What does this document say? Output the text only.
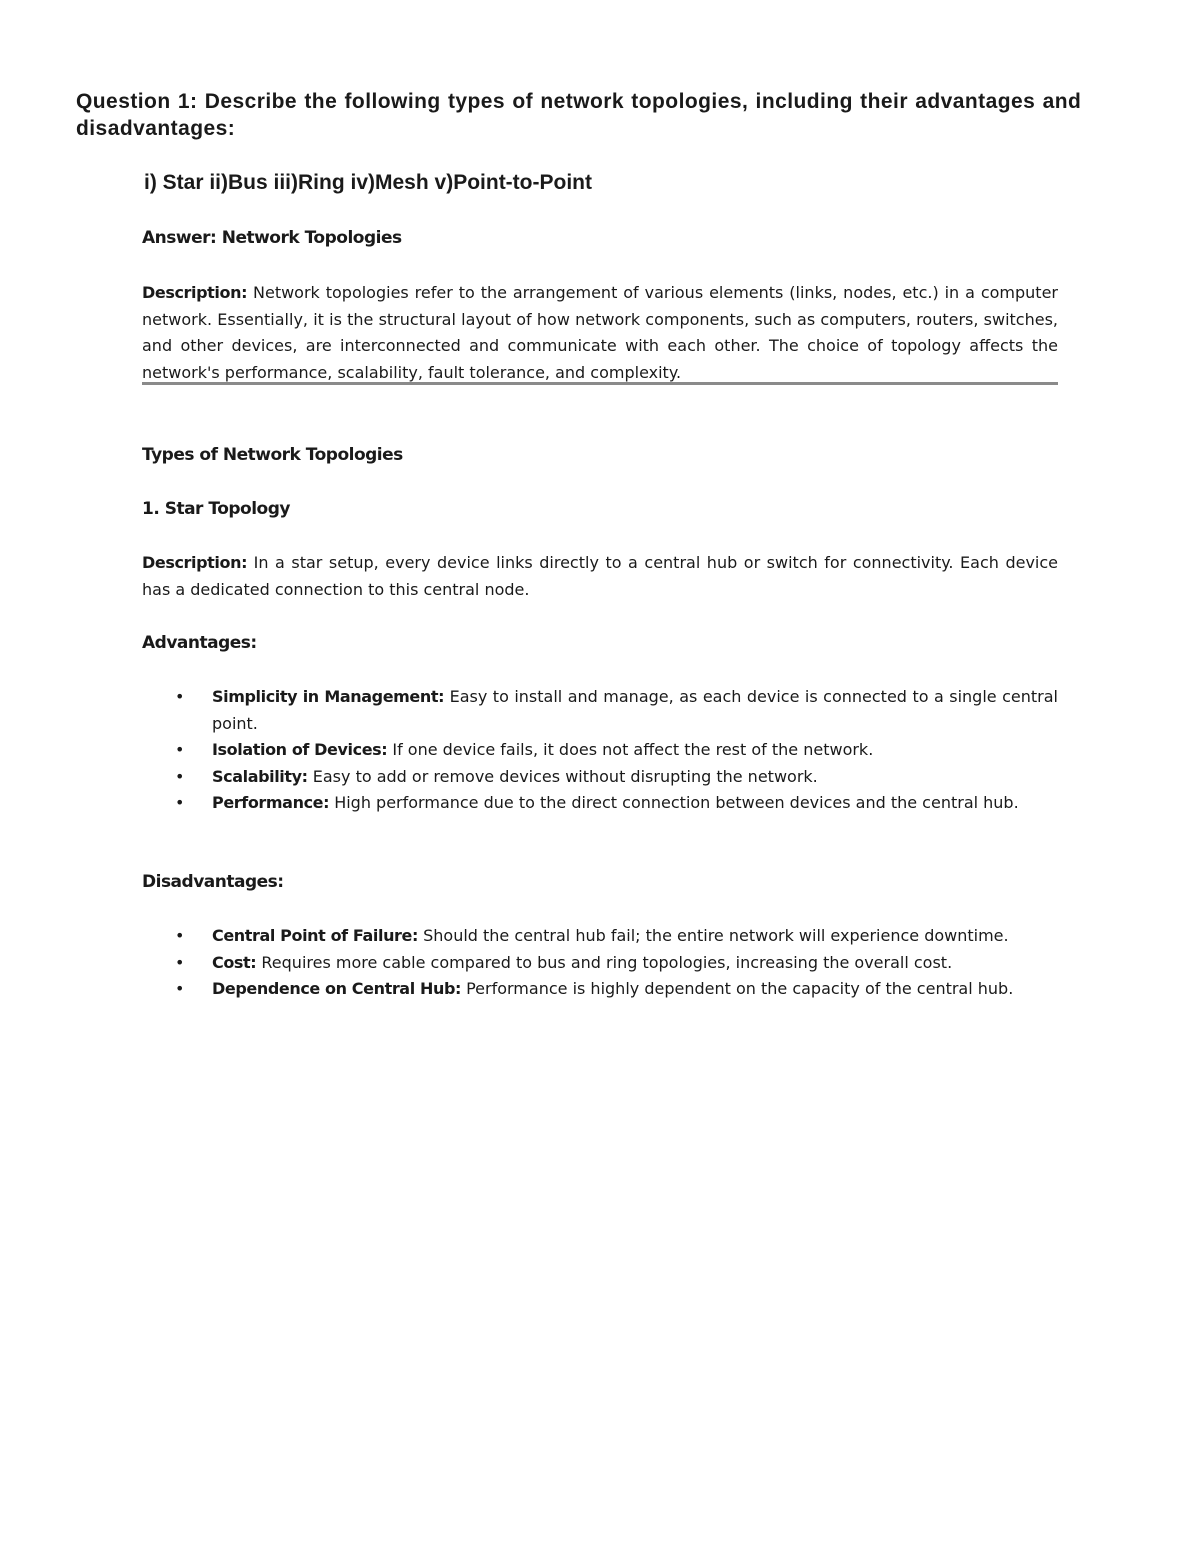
Question 1: Describe the following types of network topologies, including their advantages and disadvantages:

i) Star ii)Bus iii)Ring iv)Mesh v)Point-to-Point

Answer: Network Topologies

Description: Network topologies refer to the arrangement of various elements (links, nodes, etc.) in a computer network. Essentially, it is the structural layout of how network components, such as computers, routers, switches, and other devices, are interconnected and communicate with each other. The choice of topology affects the network's performance, scalability, fault tolerance, and complexity.

Types of Network Topologies

1. Star Topology

Description: In a star setup, every device links directly to a central hub or switch for connectivity. Each device has a dedicated connection to this central node.

Advantages:

• Simplicity in Management: Easy to install and manage, as each device is connected to a single central point.
• Isolation of Devices: If one device fails, it does not affect the rest of the network.
• Scalability: Easy to add or remove devices without disrupting the network.
• Performance: High performance due to the direct connection between devices and the central hub.

Disadvantages:

• Central Point of Failure: Should the central hub fail; the entire network will experience downtime.
• Cost: Requires more cable compared to bus and ring topologies, increasing the overall cost.
• Dependence on Central Hub: Performance is highly dependent on the capacity of the central hub.
